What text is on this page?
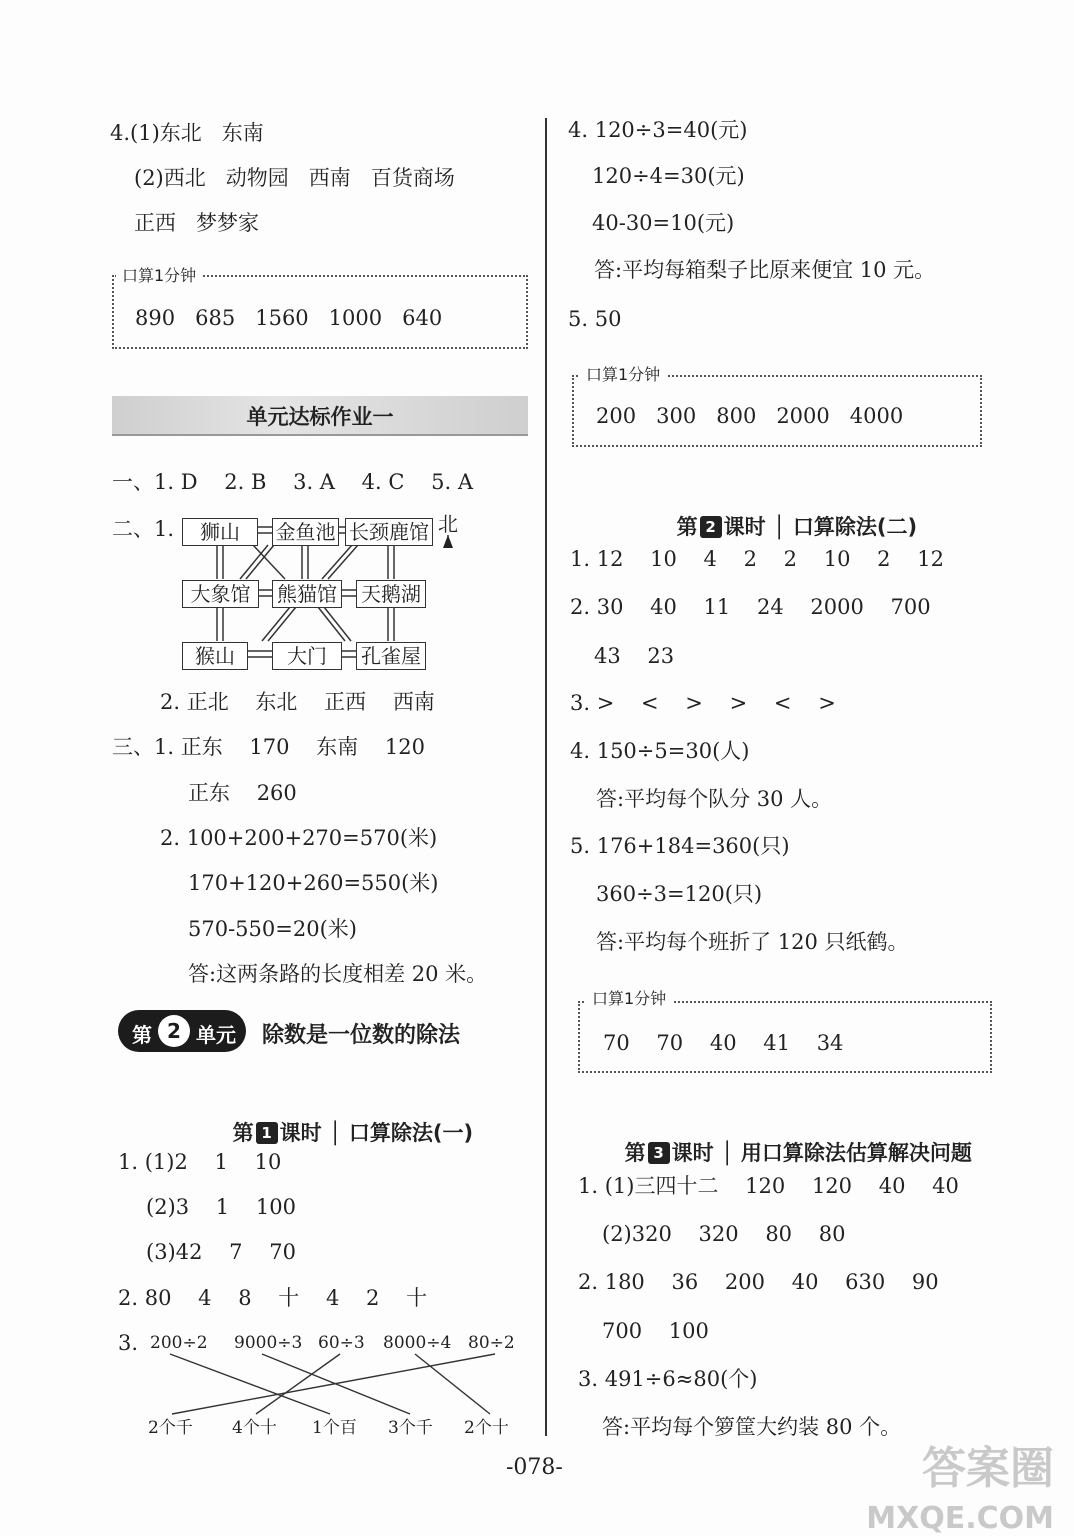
4.(1)东北   东南
(2)西北   动物园   西南   百货商场
正西   梦梦家
口算1分钟
890   685   1560   1000   640
单元达标作业一
一、1. D    2. B    3. A    4. C    5. A
二、1.	北
狮山	金鱼池 长颈鹿馆
大象馆	熊猫馆 天鹅湖
猴山	大门	孔雀屋
2. 正北    东北    正西    西南
三、1. 正东    170    东南    120
正东    260
2. 100+200+270=570(米)
170+120+260=550(米)
570-550=20(米)
答:这两条路的长度相差 20 米。
第 2 单元 除数是一位数的除法

第 1 课时 │ 口算除法(一)

1. (1)2    1    10
(2)3    1    100
(3)42    7    70
2. 80    4    8    十    4    2    十
3. 200÷2 9000÷3 60÷3 8000÷4 80÷2
2个千 4个十 1个百 3个千 2个十
4. 120÷3=40(元)
120÷4=30(元)
40-30=10(元)
答:平均每箱梨子比原来便宜 10 元。
5. 50
口算1分钟
200   300   800   2000   4000

第 2 课时 │ 口算除法(二)

1. 12    10    4    2    2    10    2    12
2. 30    40    11    24    2000    700
43    23
3. >    <    >    >    <    >
4. 150÷5=30(人)
答:平均每个队分 30 人。
5. 176+184=360(只)
360÷3=120(只)
答:平均每个班折了 120 只纸鹤。
口算1分钟
70    70    40    41    34

第 3 课时 │ 用口算除法估算解决问题

1. (1)三四十二    120    120    40    40
(2)320    320    80    80
2. 180    36    200    40    630    90
700    100
3. 491÷6≈80(个)
答:平均每个箩筐大约装 80 个。
-078-	答案圈
MXQE.COM
